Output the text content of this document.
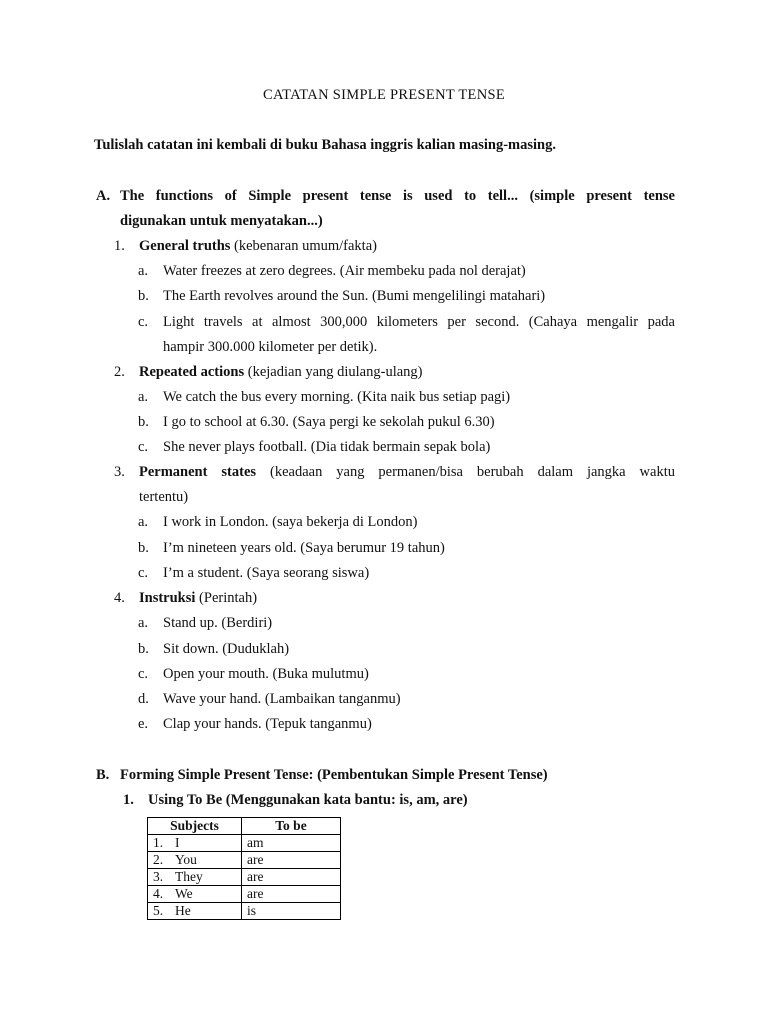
CATATAN SIMPLE PRESENT TENSE
Tulislah catatan ini kembali di buku Bahasa inggris kalian masing-masing.
A. The functions of Simple present tense is used to tell... (simple present tense
digunakan untuk menyatakan...)
1. General truths (kebenaran umum/fakta)
a. Water freezes at zero degrees. (Air membeku pada nol derajat)
b. The Earth revolves around the Sun. (Bumi mengelilingi matahari)
c. Light travels at almost 300,000 kilometers per second. (Cahaya mengalir pada
hampir 300.000 kilometer per detik).
2. Repeated actions (kejadian yang diulang-ulang)
a. We catch the bus every morning. (Kita naik bus setiap pagi)
b. I go to school at 6.30. (Saya pergi ke sekolah pukul 6.30)
c. She never plays football. (Dia tidak bermain sepak bola)
3. Permanent states (keadaan yang permanen/bisa berubah dalam jangka waktu
tertentu)
a. I work in London. (saya bekerja di London)
b. I’m nineteen years old. (Saya berumur 19 tahun)
c. I’m a student. (Saya seorang siswa)
4. Instruksi (Perintah)
a. Stand up. (Berdiri)
b. Sit down. (Duduklah)
c. Open your mouth. (Buka mulutmu)
d. Wave your hand. (Lambaikan tanganmu)
e. Clap your hands. (Tepuk tanganmu)
B. Forming Simple Present Tense: (Pembentukan Simple Present Tense)
1. Using To Be (Menggunakan kata bantu: is, am, are)
Subjects	To be
1. I	am
2. You	are
3. They	are
4. We	are
5. He	is
